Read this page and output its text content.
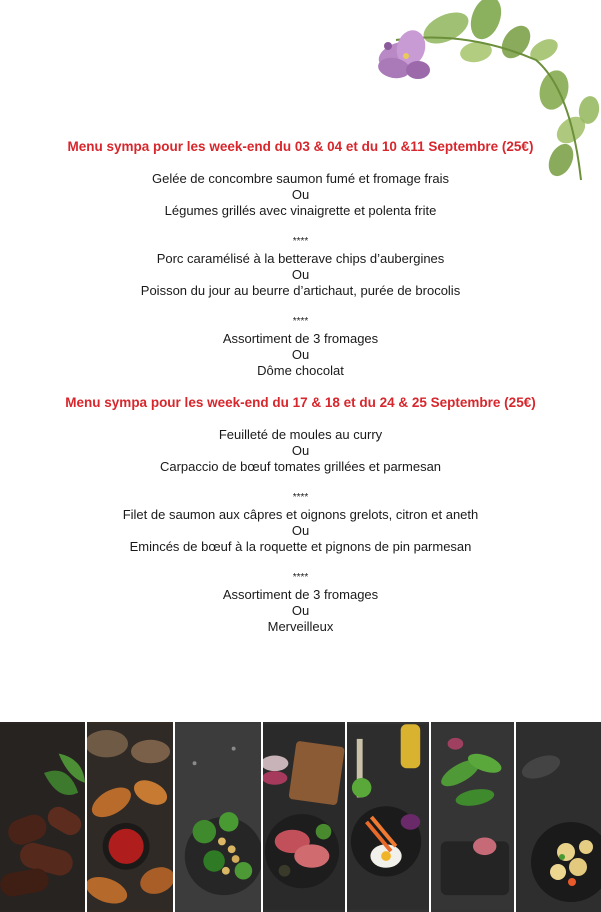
Menu sympa pour les week-end du 03 & 04 et du 10 &11 Septembre (25€)
Gelée de concombre saumon fumé et fromage frais
Ou
Légumes grillés avec vinaigrette et polenta frite
****
Porc caramélisé à la betterave chips d’aubergines
Ou
Poisson du jour au beurre d’artichaut, purée de brocolis
****
Assortiment de 3 fromages
Ou
Dôme chocolat
Menu sympa pour les week-end du 17 & 18 et du 24 & 25 Septembre (25€)
Feuilleté de moules au curry
Ou
Carpaccio de bœuf tomates grillées et parmesan
****
Filet de saumon aux câpres et oignons grelots, citron et aneth
Ou
Emincés de bœuf à la roquette et pignons de pin parmesan
****
Assortiment de 3 fromages
Ou
Merveilleux
